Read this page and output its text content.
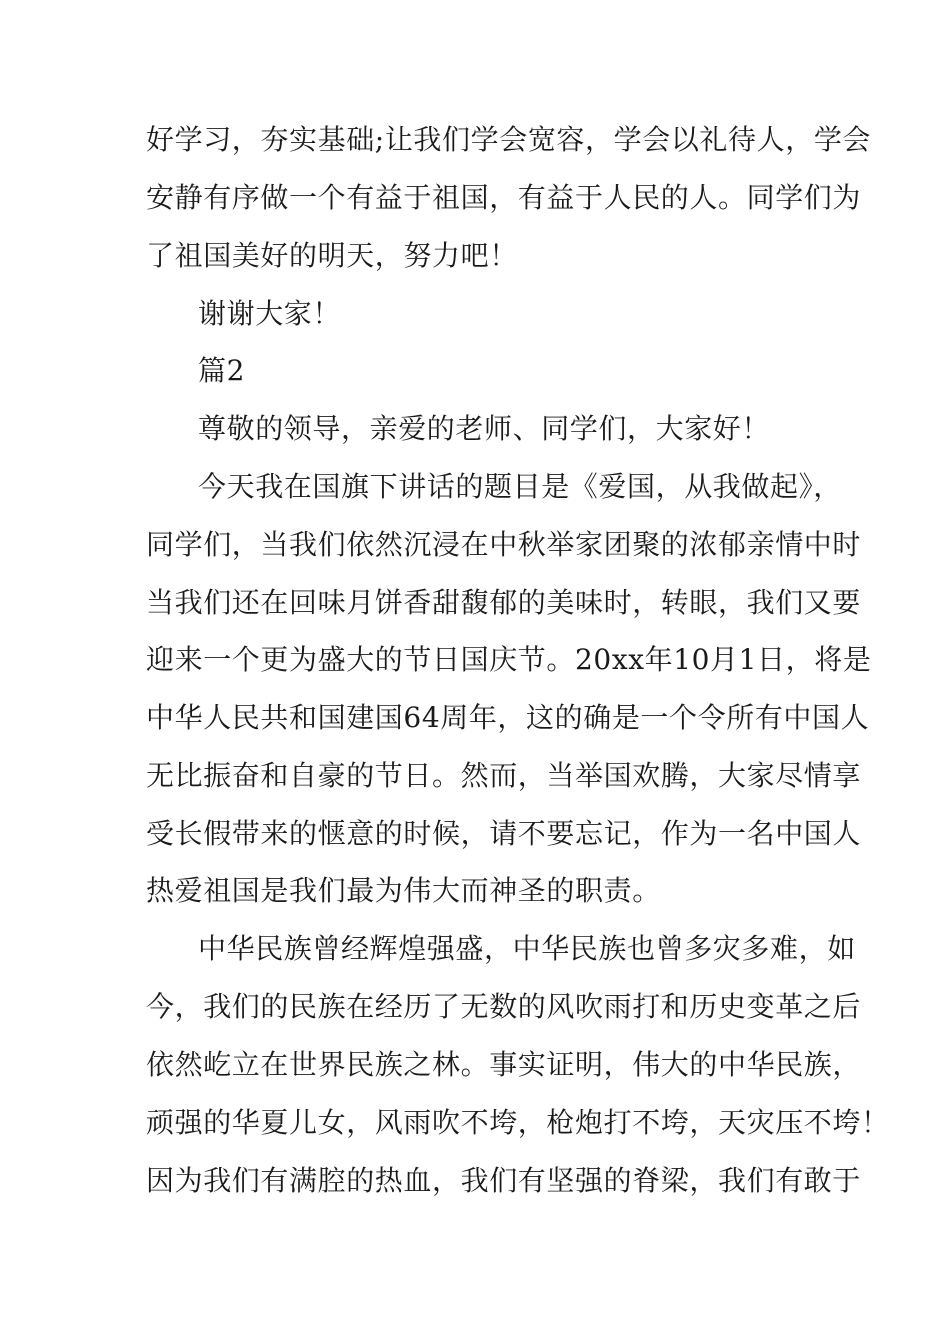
好学习，夯实基础;让我们学会宽容，学会以礼待人，学会
安静有序做一个有益于祖国，有益于人民的人。同学们为
了祖国美好的明天，努力吧！
谢谢大家！
篇2
尊敬的领导，亲爱的老师、同学们，大家好！
今天我在国旗下讲话的题目是《爱国，从我做起》，
同学们，当我们依然沉浸在中秋举家团聚的浓郁亲情中时
当我们还在回味月饼香甜馥郁的美味时，转眼，我们又要
迎来一个更为盛大的节日国庆节。20xx年10月1日，将是
中华人民共和国建国64周年，这的确是一个令所有中国人
无比振奋和自豪的节日。然而，当举国欢腾，大家尽情享
受长假带来的惬意的时候，请不要忘记，作为一名中国人
热爱祖国是我们最为伟大而神圣的职责。
中华民族曾经辉煌强盛，中华民族也曾多灾多难，如
今，我们的民族在经历了无数的风吹雨打和历史变革之后
依然屹立在世界民族之林。事实证明，伟大的中华民族，
顽强的华夏儿女，风雨吹不垮，枪炮打不垮，天灾压不垮！
因为我们有满腔的热血，我们有坚强的脊梁，我们有敢于
